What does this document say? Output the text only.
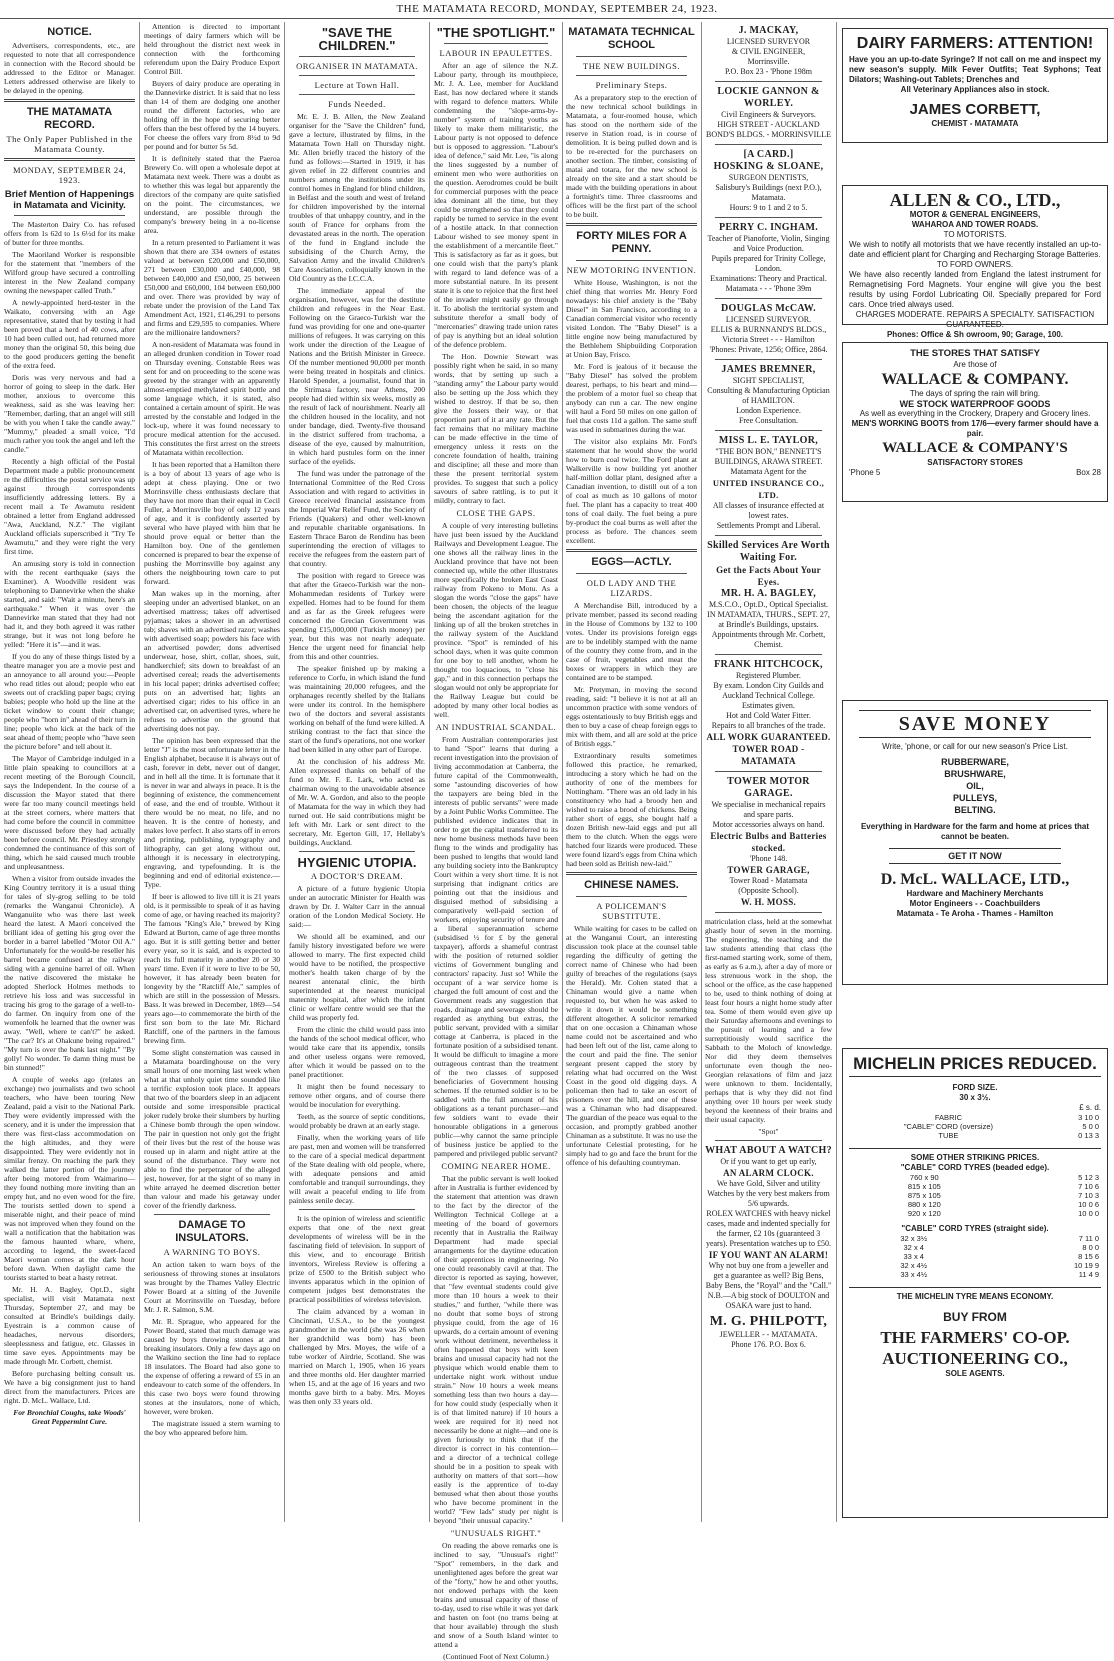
THE MATAMATA RECORD, MONDAY, SEPTEMBER 24, 1923.
NOTICE.

Advertisers, correspondents, etc., are requested to note that all correspondence in connection with the Record should be addressed to the Editor or Manager. Letters addressed otherwise are likely to be delayed in the opening.

THE MATAMATA RECORD.
The Only Paper Published in the Matamata County.
MONDAY, SEPTEMBER 24, 1923.
Brief Mention of Happenings in Matamata and Vicinity.

The Masterton Dairy Co. has refused offers from 1s 62d to 1s 6½d for its make of butter for three months.

The Maoriland Worker is responsible for the statement that "members of the Wilford group have secured a controlling interest in the New Zealand company owning the newspaper called Truth."

A newly-appointed herd-tester in the Waikato, conversing with an Age representative, stated that by testing it had been proved that a herd of 40 cows, after 10 had been culled out, had returned more money than the original 50, this being due to the good producers getting the benefit of the extra feed.

Doris was very nervous and had a horror of going to sleep in the dark. Her mother, anxious to overcome this weakness, said as she was leaving her: "Remember, darling, that an angel will still be with you when I take the candle away." "Mummy," pleaded a small voice, "I'd much rather you took the angel and left the candle."

Recently a high official of the Postal Department made a public pronouncement re the difficulties the postal service was up against through correspondents insufficiently addressing letters. By a recent mail a Te Awamutu resident obtained a letter from England addressed "Awa, Auckland, N.Z." The vigilant Auckland officials superscribed it "Try Te Awamutu," and they were right the very first time.

An amusing story is told in connection with the recent earthquake (says the Examiner). A Woodville resident was telephoning to Dannevirke when the shake started, and said: "Wait a minute, here's an earthquake." When it was over the Dannevirke man stated that they had not had it, and they both agreed it was rather strange, but it was not long before he yelled: "Here it is"—and it was.

If you do any of these things listed by a theatre manager you are a movie pest and an annoyance to all around you:—People who read titles out aloud; people who eat sweets out of crackling paper bags; crying babies; people who hold up the line at the ticket window to count their change; people who "horn in" ahead of their turn in line; people who kick at the back of the seat ahead of them; people who "have seen the picture before" and tell about it.

The Mayor of Cambridge indulged in a little plain speaking to councillors at a recent meeting of the Borough Council, says the Independent. In the course of a discussion the Mayor stated that there were far too many council meetings held at the street corners, where matters that had come before the council in committee were discussed before they had actually been before council. Mr. Priestley strongly condemned the continuance of this sort of thing, which he said caused much trouble and unpleasantness.

When a visitor from outside invades the King Country territory it is a usual thing for tales of sly-grog selling to be told (remarks the Wanganui Chronicle). A Wanganuiite who was there last week heard the latest. A Maori conceived the brilliant idea of getting his grog over the border in a barrel labelled "Motor Oil A." Unfortunately for the would-be reseller his barrel became confused at the railway siding with a genuine barrel of oil. When the native discovered the mistake he adopted Sherlock Holmes methods to retrieve his loss and was successful in tracing his grog to the garage of a well-to-do farmer. On inquiry from one of the womenfolk he learned that the owner was away. "Well, where te can't?" he asked. "The car? It's at Ohakune being repaired." "My turn is over the bank last night." "By golly! No wonder. Te damn thing must be bin stunned!"

A couple of weeks ago (relates an exchange) two journalists and two school teachers, who have been touring New Zealand, paid a visit to the National Park. They were evidently impressed with the scenery, and it is under the impression that there was first-class accommodation on the high altitudes, and they were disappointed. They were evidently not in similar frenzy. On reaching the park they walked the latter portion of the journey after being motored from Waimarino—they found nothing more inviting than an empty hut, and no even wood for the fire. The tourists settled down to spend a miserable night, and their peace of mind was not improved when they found on the wall a notification that the habitation was the famous haunted whare, where, according to legend, the sweet-faced Maori woman comes at the dark hour before dawn. When daylight came the tourists started to beat a hasty retreat.

Mr. H. A. Bagley, Opt.D., sight specialist, will visit Matamata next Thursday, September 27, and may be consulted at Brindle's buildings daily. Eyestrain is a common cause of headaches, nervous disorders, sleeplessness and fatigue, etc. Glasses in time save eyes. Appointments may be made through Mr. Corbett, chemist.

Before purchasing belting consult us. We have a big consignment just to hand direct from the manufacturers. Prices are right. D. McL. Wallace, Ltd.

For Bronchial Coughs, take Woods' Great Peppermint Cure.

Attention is directed to important meetings of dairy farmers which will be held throughout the district next week in connection with the forthcoming referendum upon the Dairy Produce Export Control Bill.

Buyers of dairy produce are operating in the Dannevirke district. It is said that no less than 14 of them are dodging one another round the different factories, who are holding off in the hope of securing better offers than the best offered by the 14 buyers. For cheese the offers vary from 8½d to 9d per pound and for butter 5s 5d.

It is definitely stated that the Paeroa Brewery Co. will open a wholesale depot at Matamata next week. There was a doubt as to whether this was legal but apparently the directors of the company are quite satisfied on the point. The circumstances, we understand, are possible through the company's brewery being in a no-license area.

In a return presented to Parliament it was shown that there are 334 owners of estates valued at between £20,000 and £50,000, 271 between £30,000 and £40,000, 98 between £40,000 and £50,000, 25 between £50,000 and £60,000, 104 between £60,000 and over. There was provided by way of rebate under the provision of the Land Tax Amendment Act, 1921, £146,291 to persons and firms and £29,595 to companies. Where are the millionaire landowners?

A non-resident of Matamata was found in an alleged drunken condition in Tower road on Thursday evening. Constable Rees was sent for and on proceeding to the scene was greeted by the stranger with an apparently almost-emptied methylated spirit bottle and some language which, it is stated, also contained a certain amount of spirit. He was arrested by the constable and lodged in the lock-up, where it was found necessary to procure medical attention for the accused. This constitutes the first arrest on the streets of Matamata within recollection.

It has been reported that a Hamilton there is a boy of about 13 years of age who is adept at chess playing. One or two Morrinsville chess enthusiasts declare that they have not more than their equal in Cecil Fuller, a Morrinsville boy of only 12 years of age, and it is confidently asserted by several who have played with him that he should prove equal or better than the Hamilton boy. One of the gentlemen concerned is prepared to bear the expense of pushing the Morrinsville boy against any others the neighbouring town care to put forward.

Man wakes up in the morning, after sleeping under an advertised blanket, on an advertised mattress; takes off advertised pyjamas; takes a shower in an advertised tub; shaves with an advertised razor; washes with advertised soap; powders his face with an advertised powder; dons advertised underwear, hose, shirt, collar, shoes, suit, handkerchief; sits down to breakfast of an advertised cereal; reads the advertisements in his local paper; drinks advertised coffee; puts on an advertised hat; lights an advertised cigar; rides to his office in an advertised car, on advertised tyres, where he refuses to advertise on the ground that advertising does not pay.

The opinion has been expressed that the letter "J" is the most unfortunate letter in the English alphabet, because it is always out of cash, forever in debt, never out of danger, and in hell all the time. It is fortunate that it is never in war and always in peace. It is the beginning of existence, the commencement of ease, and the end of trouble. Without it there would be no meat, no life, and no heaven. It is the centre of honesty, and makes love perfect. It also starts off in errors and printing, publishing, typography and lithography, can get along without out, although it is necessary in electrotyping, engraving, and typefounding. It is the beginning and end of editorial existence.—Type.

If beer is allowed to live till it is 21 years old, is it permissible to speak of it as having come of age, or having reached its majority? The famous "King's Ale," brewed by King Edward at Burton, came of age three months ago. But it is still getting better and better every year, so it is said, and is expected to reach its full maturity in another 20 or 30 years' time. Even if it were to live to be 50, however, it has already been beaten for longevity by the "Ratcliff Ale," samples of which are still in the possession of Messrs. Bass. It was brewed in December, 1869—54 years ago—to commemorate the birth of the first son born to the late Mr. Richard Ratcliff, one of the partners in the famous brewing firm.

Some slight consternation was caused in a Matamata boardinghouse on the very small hours of one morning last week when what at that unholy quiet time sounded like a terrific explosion took place. It appears that two of the boarders sleep in an adjacent outside and some irresponsible practical joker rudely broke their slumbers by hurling a Chinese bomb through the open window. The pair in question not only got the fright of their lives but the rest of the house was roused up in alarm and night attire at the sound of the disturbance. They were not able to find the perpetrator of the alleged jest, however, for at the sight of so many in white arrayed he deemed discretion better than valour and made his getaway under cover of the friendly darkness.

DAMAGE TO INSULATORS.
A WARNING TO BOYS.

An action taken to warn boys of the seriousness of throwing stones at insulators was brought by the Thames Valley Electric Power Board at a sitting of the Juvenile Court at Morrinsville on Tuesday, before Mr. J. R. Salmon, S.M.

Mr. R. Sprague, who appeared for the Power Board, stated that much damage was caused by boys throwing stones at and breaking insulators. Only a few days ago on the Waikino section the line had to replace 18 insulators. The Board had also gone to the expense of offering a reward of £5 in an endeavour to catch some of the offenders. In this case two boys were found throwing stones at the insulators, none of which, however, were broken.

The magistrate issued a stern warning to the boy who appeared before him.

"SAVE THE CHILDREN."
ORGANISER IN MATAMATA.
Lecture at Town Hall.
Funds Needed.

Mr. E. J. B. Allen, the New Zealand organiser for the "Save the Children" fund, gave a lecture, illustrated by films, in the Matamata Town Hall on Thursday night. Mr. Allen briefly traced the history of the fund as follows:—Started in 1919, it has given relief in 22 different countries and numbers among the institutions under its control homes in England for blind children, in Belfast and the south and west of Ireland for children impoverished by the internal troubles of that unhappy country, and in the south of France for orphans from the devastated areas in the north. The operation of the fund in England include the subsidising of the Church Army, the Salvation Army and the invalid Children's Care Association, colloquially known in the Old Country as the I.C.C.A.

The immediate appeal of the organisation, however, was for the destitute children and refugees in the Near East. Following on the Graeco-Turkish war the fund was providing for one and one-quarter millions of refugees. It was carrying on this work under the direction of the League of Nations and the British Minister in Greece. Of the number mentioned 90,000 per month were being treated in hospitals and clinics. Harold Spender, a journalist, found that in the Strimasa factory, near Athens, 200 people had died within six weeks, mostly as the result of lack of nourishment. Nearly all the children housed in the locality, and not under bandage, died. Twenty-five thousand in the district suffered from trachoma, a disease of the eye, caused by malnutrition, in which hard pustules form on the inner surface of the eyelids.

The fund was under the patronage of the International Committee of the Red Cross Association and with regard to activities in Greece received financial assistance from the Imperial War Relief Fund, the Society of Friends (Quakers) and other well-known and reputable charitable organisations. In Eastern Thrace Baron de Rendinu has been superintending the erection of villages to receive the refugees from the eastern part of that country.

The position with regard to Greece was that after the Graeco-Turkish war the non-Mohammedan residents of Turkey were expelled. Homes had to be found for them and as far as the Greek refugees were concerned the Grecian Government was spending £15,000,000 (Turkish money) per year, but this was not nearly adequate. Hence the urgent need for financial help from this and other countries.

The speaker finished up by making a reference to Corfu, in which island the fund was maintaining 20,000 refugees, and the orphanages recently shelled by the Italians were under its control. In the hemisphere two of the doctors and several assistants working on behalf of the fund were killed. A striking contrast to the fact that since the start of the fund's operations, not one worker had been killed in any other part of Europe.

At the conclusion of his address Mr. Allen expressed thanks on behalf of the fund to Mr. F. E. Lark, who acted as chairman owing to the unavoidable absence of Mr. W. A. Gordon, and also to the people of Matamata for the way in which they had turned out. He said contributions might be left with Mr. Lark or sent direct to the secretary, Mr. Egerton Gill, 17, Hellaby's buildings, Auckland.

HYGIENIC UTOPIA.
A DOCTOR'S DREAM.

A picture of a future hygienic Utopia under an autocratic Minister for Health was drawn by Dr. J. Walter Carr in the annual oration of the London Medical Society. He said:—

We should all be examined, and our family history investigated before we were allowed to marry. The first expected child would have to be notified, the prospective mother's health taken charge of by the nearest antenatal clinic, the birth superintended at the nearest municipal maternity hospital, after which the infant clinic or welfare centre would see that the child was properly fed.

From the clinic the child would pass into the hands of the school medical officer, who would take care that its appendix, tonsils and other useless organs were removed, after which it would be passed on to the panel practitioner.

It might then be found necessary to remove other organs, and of course there would be inoculation for everything.

Teeth, as the source of septic conditions, would probably be drawn at an early stage.

Finally, when the working years of life are past, men and women will be transferred to the care of a special medical department of the State dealing with old people, where, with adequate pensions and amid comfortable and tranquil surroundings, they will await a peaceful ending to life from painless senile decay.

It is the opinion of wireless and scientific experts that one of the next great developments of wireless will be in the fascinating field of television. In support of this view, and to encourage British inventors, Wireless Review is offering a prize of £500 to the British subject who invents apparatus which in the opinion of competent judges best demonstrates the practical possibilities of wireless television.

The claim advanced by a woman in Cincinnati, U.S.A., to be the youngest grandmother in the world (she was 26 when her grandchild was born) has been challenged by Mrs. Moyes, the wife of a tube worker of Airdrie, Scotland. She was married on March 1, 1905, when 16 years and three months old. Her daughter married when 15, and at the age of 16 years and two months gave birth to a baby. Mrs. Moyes was then only 33 years old.

"THE SPOTLIGHT."
LABOUR IN EPAULETTES.

After an age of silence the N.Z. Labour party, through its mouthpiece, Mr. J. A. Lee, member for Auckland East, has now declared where it stands with regard to defence matters. While condemning the "slope-arms-by-number" system of training youths as likely to make them militaristic, the Labour party is not opposed to defence but is opposed to aggression. "Labour's idea of defence," said Mr. Lee, "is along the lines suggested by a number of eminent men who were authorities on the question. Aerodromes could be built for commercial purposes with the peace idea dominant all the time, but they could be strengthened so that they could rapidly be turned to service in the event of a hostile attack. In that connection Labour wished to see money spent in the establishment of a mercantile fleet." This is satisfactory as far as it goes, but one could wish that the party's plank with regard to land defence was of a more substantial nature. In its present state it is one to rejoice that the first heel of the invader might easily go through it. To abolish the territorial system and substitute therefor a small body of "mercenaries" drawing trade union rates of pay is anything but an ideal solution of the defence problem.

The Hon. Downie Stewart was possibly right when he said, in so many words, that by setting up such a "standing army" the Labour party would also be setting up the Joss which they wished to destroy. If that be so, then give the Jossers their way, or that proportion part of it at any rate. But the fact remains that no military machine can be made effective in the time of emergency unless it rests on the concrete foundation of health, training and discipline; all these and more than these the present territorial system provides. To suggest that such a policy savours of sabre rattling, is to put it mildly, contrary to fact.

CLOSE THE GAPS.

A couple of very interesting bulletins have just been issued by the Auckland Railways and Development League. The one shows all the railway lines in the Auckland province that have not been connected up, while the other illustrates more specifically the broken East Coast railway from Pokeno to Motu. As a slogan the words "close the gaps" have been chosen, the objects of the league being the ascendant agitation for the linking up of all the broken stretches in the railway system of the Auckland province. "Spot" is reminded of his school days, when it was quite common for one boy to tell another, whom he thought too loquacious, to "close his gap," and in this connection perhaps the slogan would not only be appropriate for the Railway League but could be adopted by many other local bodies as well.

AN INDUSTRIAL SCANDAL.

From Australian contemporaries just to hand "Spot" learns that during a recent investigation into the provision of living accommodation at Canberra, the future capital of the Commonwealth, some "astounding discoveries of how the taxpayers are being bled in the interests of public servants" were made by a Joint Public Works Committee. The published evidence indicates that in order to get the capital transferred to its new home business methods have been flung to the winds and prodigality has been pushed to lengths that would land any building society into the Bankruptcy Court within a very short time. It is not surprising that indignant critics are pointing out that the insidious and disguised method of subsidising a comparatively well-paid section of workers, enjoying security of tenure and a liberal superannuation scheme (subsidised ½ for £ by the general taxpayer), affords a shameful contrast with the position of returned soldier victims of Government bungling and contractors' rapacity. Just so! While the occupant of a war service home is charged the full amount of cost and the Government reads any suggestion that roads, drainage and sewerage should be regarded as anything but extras, the public servant, provided with a similar cottage at Canberra, is placed in the fortunate position of a subsidised tenant. It would be difficult to imagine a more outrageous contrast than the treatment of the two classes of supposed beneficiaries of Government housing schemes. If the returned soldier is to be saddled with the full amount of his obligations as a tenant purchaser—and few soldiers want to evade their honourable obligations in a generous public—why cannot the same principle of business justice be applied to the pampered and privileged public servant?

COMING NEARER HOME.

That the public servant is well looked after in Australia is further evidenced by the statement that attention was drawn to the fact by the director of the Wellington Technical College at a meeting of the board of governors recently that in Australia the Railway Department had made special arrangements for the daytime education of their apprentices in engineering. No one could reasonably cavil at that. The director is reported as saying, however, that "few eventual students could give more than 10 hours a week to their studies," and further, "while there was no doubt that some boys of strong physique could, from the age of 16 upwards, do a certain amount of evening work without detriment, nevertheless it often happened that boys with keen brains and unusual capacity had not the physique which would enable them to undertake night work without undue strain." Now 10 hours a week means something less than two hours a day—for how could study (especially when it is of that limited nature) if 10 hours a week are required for it) need not necessarily be done at night—and one is given furiously to think that if the director is correct in his contention—and a director of a technical college should be in a position to speak with authority on matters of that sort—how easily is the apprentice of to-day bemused what then about those youths who have become prominent in the world? "Few lads" study per night is beyond "their unusual capacity."

"UNUSUALS RIGHT."

On reading the above remarks one is inclined to say, "Unusual's right!" "Spot" remembers, in the dark and unenlightened ages before the great war of the "forty," how he and other youths, not endowed perhaps with the keen brains and unusual capacity of those of to-day, used to rise while it was yet dark and hasten on foot (no trams being at that hour available) through the slush and snow of a South Island winter to attend a

(Continued Foot of Next Column.)
MATAMATA TECHNICAL SCHOOL
THE NEW BUILDINGS.
Preliminary Steps.

As a preparatory step to the erection of the new technical school buildings in Matamata, a four-roomed house, which has stood on the northern side of the reserve in Station road, is in course of demolition. It is being pulled down and is to be re-erected for the purchasers on another section. The timber, consisting of matai and totara, for the new school is already on the site and a start should be made with the building operations in about a fortnight's time. Three classrooms and offices will be the first part of the school to be built.

FORTY MILES FOR A PENNY.
NEW MOTORING INVENTION.

White House, Washington, is not the chief thing that worries Mr. Henry Ford nowadays: his chief anxiety is the "Baby Diesel" in San Francisco, according to a Canadian commercial visitor who recently visited London. The "Baby Diesel" is a little engine now being manufactured by the Bethlehem Shipbuilding Corporation at Union Bay, Frisco.

Mr. Ford is jealous of it because the "Baby Diesel" has solved the problem dearest, perhaps, to his heart and mind—the problem of a motor fuel so cheap that anybody can run a car. The new engine will haul a Ford 50 miles on one gallon of fuel that costs 11d a gallon. The same stuff was used in submarines during the war.

The visitor also explains Mr. Ford's statement that he would show the world how to burn coal twice. The Ford plant at Walkerville is now building yet another half-million dollar plant, designed after a Canadian invention, to distill out of a ton of coal as much as 10 gallons of motor fuel. The plant has a capacity to treat 400 tons of coal daily. The fuel being a pure by-product the coal burns as well after the process as before. The chances seem excellent.

EGGS—ACTLY.
OLD LADY AND THE LIZARDS.

A Merchandise Bill, introduced by a private member, passed its second reading in the House of Commons by 132 to 100 votes. Under its provisions foreign eggs are to be indelibly stamped with the name of the country they come from, and in the case of fruit, vegetables and meat the boxes or wrappers in which they are contained are to be stamped.

Mr. Pretyman, in moving the second reading, said: "I believe it is not at all an uncommon practice with some vendors of eggs ostentatiously to buy British eggs and then to buy a case of cheap foreign eggs to mix with them, and all are sold at the price of British eggs."

Extraordinary results sometimes followed this practice, he remarked, introducing a story which he had on the authority of one of the members for Nottingham. "There was an old lady in his constituency who had a broody hen and wished to raise a brood of chickens. Being rather short of eggs, she bought half a dozen British new-laid eggs and put all them to the clutch. When the eggs were hatched four lizards were produced. These were found lizard's eggs from China which had been sold as British new-laid."

CHINESE NAMES.
A POLICEMAN'S SUBSTITUTE.

While waiting for cases to be called on at the Wanganui Court, an interesting discussion took place at the counsel table regarding the difficulty of getting the correct name of Chinese who had been guilty of breaches of the regulations (says the Herald). Mr. Cohen stated that a Chinaman would give a name when requested to, but when he was asked to write it down it would be something different altogether. A solicitor remarked that on one occasion a Chinaman whose name could not be ascertained and who had been left out of the list, came along to the court and paid the fine. The senior sergeant present capped the story by relating what had occurred on the West Coast in the good old digging days. A policeman then had to take an escort of prisoners over the hill, and one of these was a Chinaman who had disappeared. The guardian of the peace was equal to the occasion, and promptly grabbed another Chinaman as a substitute. It was no use the unfortunate Celestial protesting, for he simply had to go and face the brunt for the offence of his defaulting countryman.

J. MACKAY,
LICENSED SURVEYOR
& CIVIL ENGINEER,
Morrinsville.
P.O. Box 23 - 'Phone 198m
LOCKIE GANNON & WORLEY.
Civil Engineers & Surveyors.
HIGH STREET - AUCKLAND
BOND'S BLDGS. - MORRINSVILLE
[A CARD.]
HOSKING & SLOANE,
SURGEON DENTISTS,
Salisbury's Buildings (next P.O.),
Matamata.
Hours: 9 to 1 and 2 to 5.
PERRY C. INGHAM.
Teacher of Pianoforte, Violin, Singing and Voice Production.
Pupils prepared for Trinity College, London.
Examinations: Theory and Practical.
Matamata - - - 'Phone 39m
DOUGLAS McCAW.
LICENSED SURVEYOR.
ELLIS & BURNNAND'S BLDGS.,
Victoria Street - - - Hamilton
'Phones: Private, 1256; Office, 2864.
JAMES BREMNER,
SIGHT SPECIALIST,
Consulting & Manufacturing Optician
of HAMILTON.
London Experience.
Free Consultation.
MISS L. E. TAYLOR,
"THE BON BON," BENNETT'S
BUILDINGS, ARAWA STREET.
Matamata Agent for the
UNITED INSURANCE CO., LTD.
All classes of insurance effected at lowest rates.
Settlements Prompt and Liberal.
Skilled Services Are Worth Waiting For.
Get the Facts About Your Eyes.
MR. H. A. BAGLEY,
M.S.C.O., Opt.D., Optical Specialist.
IN MATAMATA, THURS., SEPT. 27,
at Brindle's Buildings, upstairs.
Appointments through Mr. Corbett, Chemist.
FRANK HITCHCOCK,
Registered Plumber.
By exam. London City Guilds and Auckland Technical College.
Estimates given.
Hot and Cold Water Fitter.
Repairs to all branches of the trade.
ALL WORK GUARANTEED.
TOWER ROAD - MATAMATA
TOWER MOTOR GARAGE.
We specialise in mechanical repairs and spare parts.
Motor accessories always on hand.
Electric Bulbs and Batteries stocked.
'Phone 148.
TOWER GARAGE,
Tower Road - Matamata
(Opposite School).
W. H. MOSS.

matriculation class, held at the somewhat ghastly hour of seven in the morning. The engineering, the teaching and the law students attending that class (the first-named starting work, some of them, as early as 6 a.m.), after a day of more or less strenuous work in the shop, the school or the office, as the case happened to be, used to think nothing of doing at least four hours a night home study after tea. Some of them would even give up their Saturday afternoons and evenings to the pursuit of learning and a few surreptitiously would sacrifice the Sabbath to the Moloch of knowledge. Nor did they deem themselves unfortunate even though the neo-Georgian relaxations of film and jazz were unknown to them. Incidentally, perhaps that is why they did not find anything over 10 hours per week study beyond the keenness of their brains and their usual capacity.

"Spot"
WHAT ABOUT A WATCH?
Or if you want to get up early,
AN ALARM CLOCK.
We have Gold, Silver and utility Watches by the very best makers from 5/6 upwards.
ROLEX WATCHES with heavy nickel cases, made and indented specially for the farmer, £2 10s (guaranteed 3 years). Presentation watches up to £50.
IF YOU WANT AN ALARM!
Why not buy one from a jeweller and get a guarantee as well? Big Bens, Baby Bens, the "Royal" and the "Call."
N.B.—A big stock of DOULTON and OSAKA ware just to hand.
M. G. PHILPOTT,
JEWELLER - - MATAMATA.
Phone 176. P.O. Box 6.
DAIRY FARMERS: ATTENTION!
Have you an up-to-date Syringe? If not call on me and inspect my new season's supply. Milk Fever Outfits; Teat Syphons; Teat Dilators; Washing-out Tablets; Drenches and
All Veterinary Appliances also in stock.
JAMES CORBETT,
CHEMIST - MATAMATA
ALLEN & CO., LTD.,
MOTOR & GENERAL ENGINEERS,
WAHAROA AND TOWER ROADS.
TO MOTORISTS.
We wish to notify all motorists that we have recently installed an up-to-date and efficient plant for Charging and Recharging Storage Batteries.
TO FORD OWNERS.
We have also recently landed from England the latest instrument for Remagnetising Ford Magnets. Your engine will give you the best results by using Fordol Lubricating Oil. Specially prepared for Ford cars. Once tried always used.
CHARGES MODERATE. REPAIRS A SPECIALTY. SATISFACTION GUARANTEED.
Phones: Office & Sh owroom, 90; Garage, 100.
THE STORES THAT SATISFY
Are those of
WALLACE & COMPANY.
The days of spring the rain will bring.
WE STOCK WATERPROOF GOODS
As well as everything in the Crockery, Drapery and Grocery lines.
MEN'S WORKING BOOTS from 17/6—every farmer should have a pair.
WALLACE & COMPANY'S
SATISFACTORY STORES
'Phone 5	Box 28
SAVE MONEY
Write, 'phone, or call for our new season's Price List.
RUBBERWARE,
BRUSHWARE,
OIL,
PULLEYS,
BELTING.
Everything in Hardware for the farm and home at prices that cannot be beaten.
GET IT NOW
D. McL. WALLACE, LTD.,
Hardware and Machinery Merchants
Motor Engineers - - Coachbuilders
Matamata - Te Aroha - Thames - Hamilton
MICHELIN PRICES REDUCED.
FORD SIZE.
30 x 3½.
£ s. d.
FABRIC	3 10 0
"CABLE" CORD (oversize)	5 0 0
TUBE	0 13 3
SOME OTHER STRIKING PRICES.
"CABLE" CORD TYRES (beaded edge).
760 x 90	5 12 3
815 x 105	7 10 6
875 x 105	7 10 3
880 x 120	10 0 6
920 x 120	10 0 0
"CABLE" CORD TYRES (straight side).
32 x 3½	7 11 0
32 x 4	8 0 0
33 x 4	8 15 6
32 x 4½	10 19 9
33 x 4½	11 4 9
THE MICHELIN TYRE MEANS ECONOMY.
BUY FROM
THE FARMERS' CO-OP. AUCTIONEERING CO.,
SOLE AGENTS.
